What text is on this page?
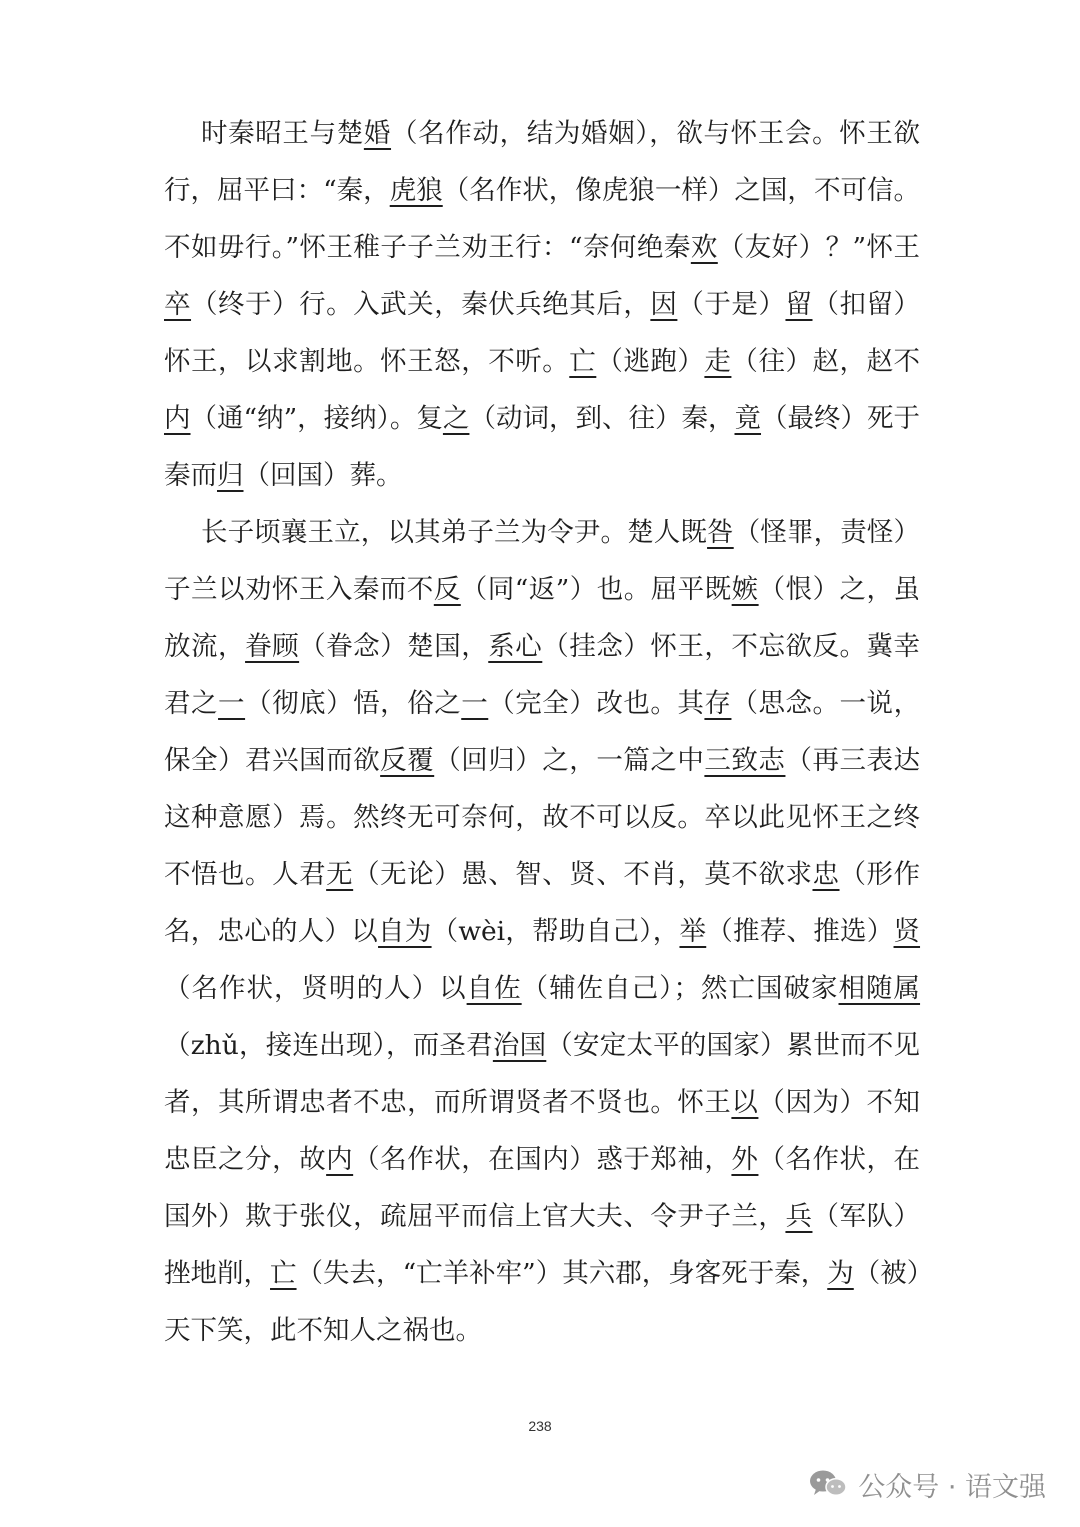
时秦昭王与楚婚（名作动，结为婚姻），欲与怀王会。怀王欲行，屈平曰：“秦，虎狼（名作状，像虎狼一样）之国，不可信。不如毋行。”怀王稚子子兰劝王行：“奈何绝秦欢（友好）？”怀王卒（终于）行。入武关，秦伏兵绝其后，因（于是）留（扣留）怀王，以求割地。怀王怒，不听。亡（逃跑）走（往）赵，赵不内（通“纳”，接纳）。复之（动词，到、往）秦，竟（最终）死于秦而归（回国）葬。

长子顷襄王立，以其弟子兰为令尹。楚人既咎（怪罪，责怪）子兰以劝怀王入秦而不反（同“返”）也。屈平既嫉（恨）之，虽放流，眷顾（眷念）楚国，系心（挂念）怀王，不忘欲反。冀幸君之一（彻底）悟，俗之一（完全）改也。其存（思念。一说，保全）君兴国而欲反覆（回归）之，一篇之中三致志（再三表达这种意愿）焉。然终无可奈何，故不可以反。卒以此见怀王之终不悟也。人君无（无论）愚、智、贤、不肖，莫不欲求忠（形作名，忠心的人）以自为（wèi，帮助自己），举（推荐、推选）贤（名作状，贤明的人）以自佐（辅佐自己）；然亡国破家相随属（zhǔ，接连出现），而圣君治国（安定太平的国家）累世而不见者，其所谓忠者不忠，而所谓贤者不贤也。怀王以（因为）不知忠臣之分，故内（名作状，在国内）惑于郑袖，外（名作状，在国外）欺于张仪，疏屈平而信上官大夫、令尹子兰，兵（军队）挫地削，亡（失去，“亡羊补牢”）其六郡，身客死于秦，为（被）天下笑，此不知人之祸也。

238
公众号 · 语文强
